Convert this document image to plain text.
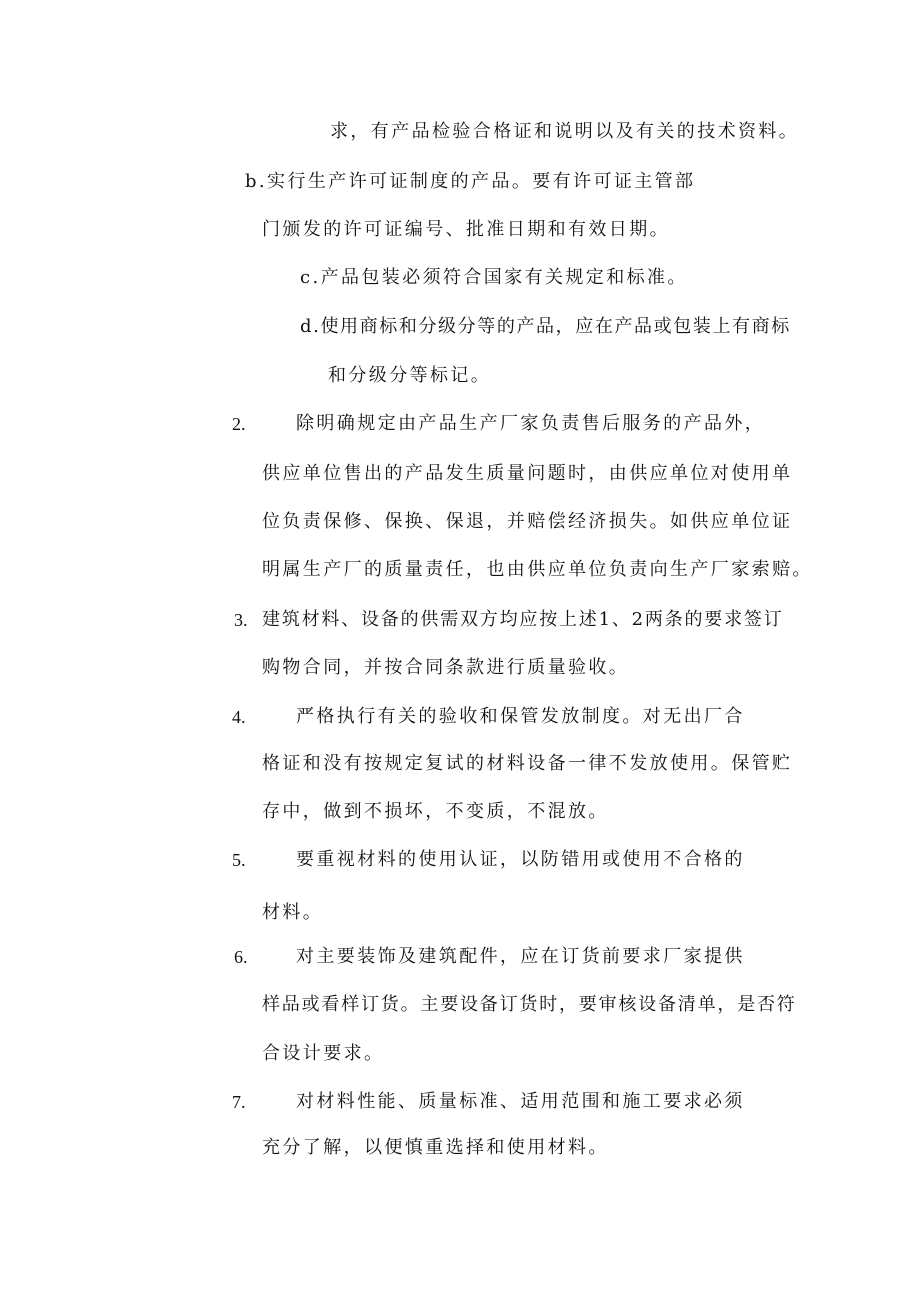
求，有产品检验合格证和说明以及有关的技术资料。
b.实行生产许可证制度的产品。要有许可证主管部
门颁发的许可证编号、批准日期和有效日期。
c.产品包装必须符合国家有关规定和标准。
d.使用商标和分级分等的产品，应在产品或包装上有商标
和分级分等标记。
2.	除明确规定由产品生产厂家负责售后服务的产品外，
供应单位售出的产品发生质量问题时，由供应单位对使用单
位负责保修、保换、保退，并赔偿经济损失。如供应单位证
明属生产厂的质量责任，也由供应单位负责向生产厂家索赔。
3. 建筑材料、设备的供需双方均应按上述1、2两条的要求签订
购物合同，并按合同条款进行质量验收。
4.	严格执行有关的验收和保管发放制度。对无出厂合
格证和没有按规定复试的材料设备一律不发放使用。保管贮
存中，做到不损坏，不变质，不混放。
5.	要重视材料的使用认证，以防错用或使用不合格的
材料。
6.	对主要装饰及建筑配件，应在订货前要求厂家提供
样品或看样订货。主要设备订货时，要审核设备清单，是否符
合设计要求。
7.	对材料性能、质量标准、适用范围和施工要求必须
充分了解，以便慎重选择和使用材料。
